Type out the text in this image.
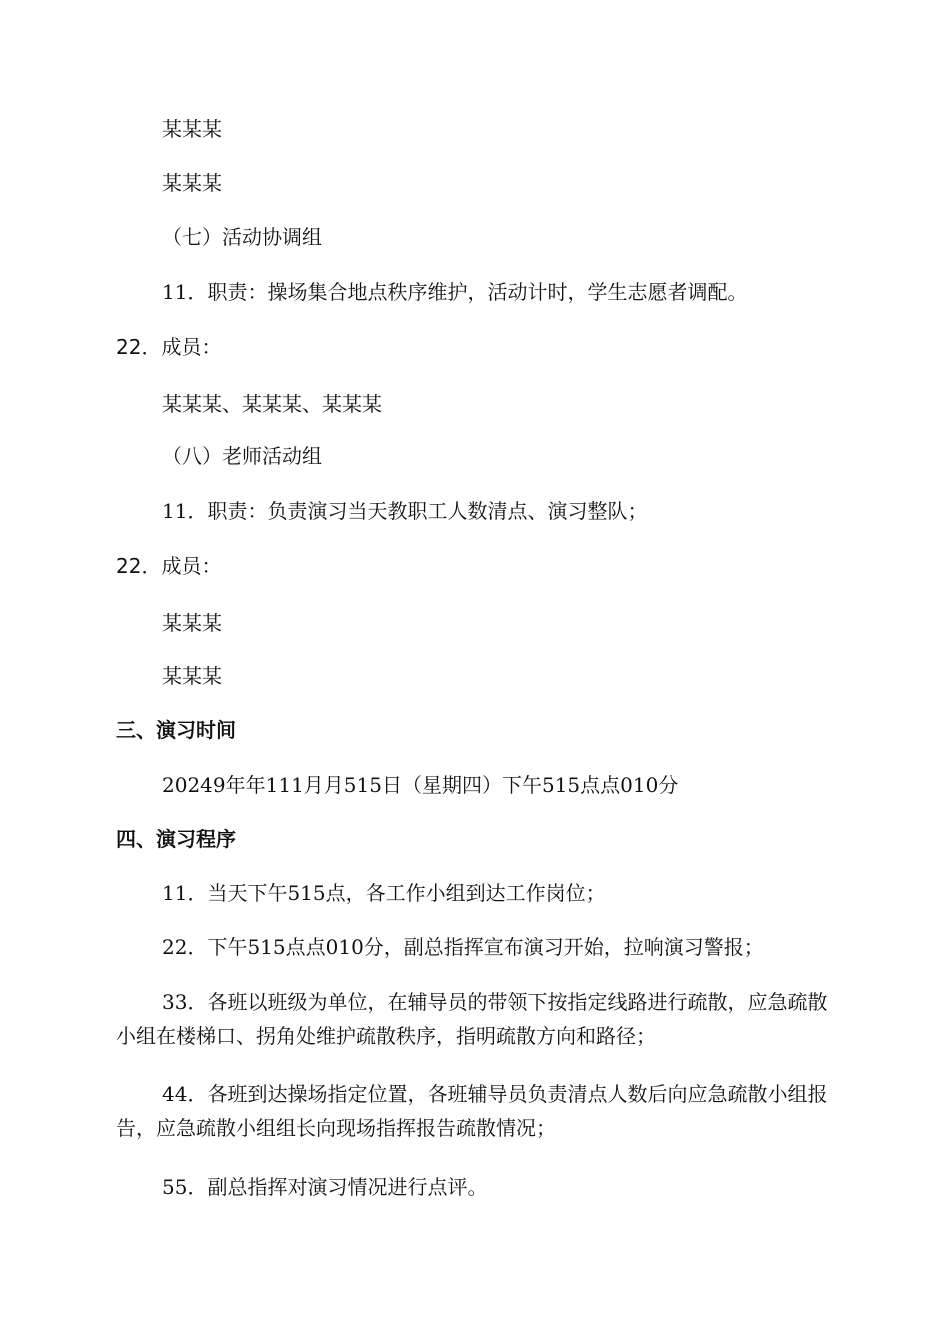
某某某
某某某
（七）活动协调组
11．职责：操场集合地点秩序维护，活动计时，学生志愿者调配。
22．成员：
某某某、某某某、某某某
（八）老师活动组
11．职责：负责演习当天教职工人数清点、演习整队；
22．成员：
某某某
某某某
三、演习时间
20249年年111月月515日（星期四）下午515点点010分
四、演习程序
11．当天下午515点，各工作小组到达工作岗位；
22．下午515点点010分，副总指挥宣布演习开始，拉响演习警报；
33．各班以班级为单位，在辅导员的带领下按指定线路进行疏散，应急疏散小组在楼梯口、拐角处维护疏散秩序，指明疏散方向和路径；
44．各班到达操场指定位置，各班辅导员负责清点人数后向应急疏散小组报告，应急疏散小组组长向现场指挥报告疏散情况；
55．副总指挥对演习情况进行点评。
